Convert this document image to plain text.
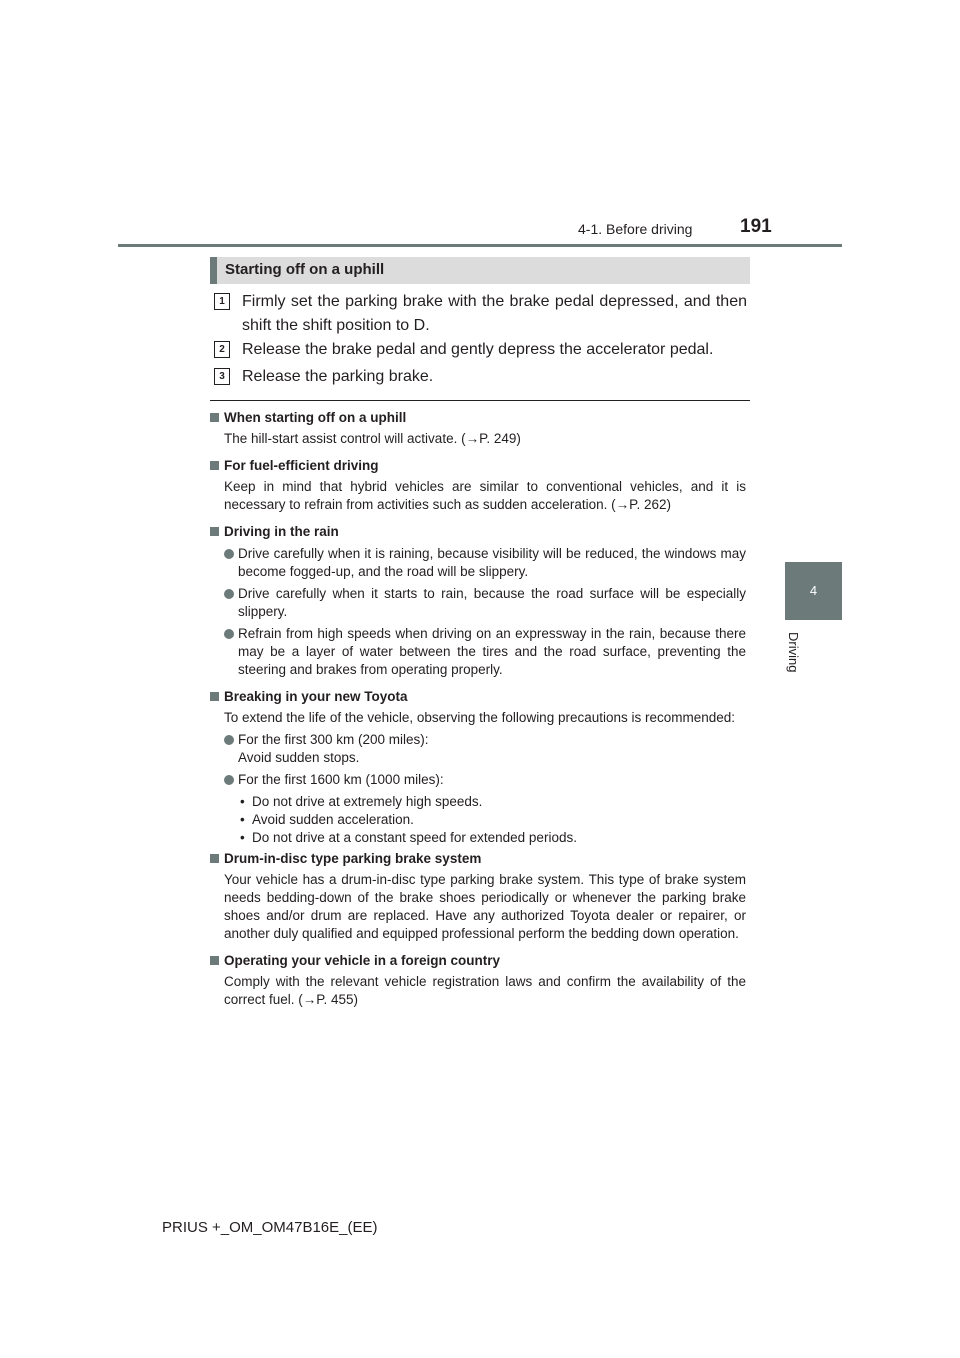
4-1. Before driving	191
4
Driving
Starting off on a uphill
1	Firmly set the parking brake with the brake pedal depressed, and then shift the shift position to D.
2	Release the brake pedal and gently depress the accelerator pedal.
3	Release the parking brake.
When starting off on a uphill
The hill-start assist control will activate. (→P. 249)
For fuel-efficient driving
Keep in mind that hybrid vehicles are similar to conventional vehicles, and it is necessary to refrain from activities such as sudden acceleration. (→P. 262)
Driving in the rain
Drive carefully when it is raining, because visibility will be reduced, the windows may become fogged-up, and the road will be slippery.
Drive carefully when it starts to rain, because the road surface will be especially slippery.
Refrain from high speeds when driving on an expressway in the rain, because there may be a layer of water between the tires and the road surface, preventing the steering and brakes from operating properly.
Breaking in your new Toyota
To extend the life of the vehicle, observing the following precautions is recommended:
For the first 300 km (200 miles):
Avoid sudden stops.
For the first 1600 km (1000 miles):
• Do not drive at extremely high speeds.
• Avoid sudden acceleration.
• Do not drive at a constant speed for extended periods.
Drum-in-disc type parking brake system
Your vehicle has a drum-in-disc type parking brake system. This type of brake system needs bedding-down of the brake shoes periodically or whenever the parking brake shoes and/or drum are replaced. Have any authorized Toyota dealer or repairer, or another duly qualified and equipped professional perform the bedding down operation.
Operating your vehicle in a foreign country
Comply with the relevant vehicle registration laws and confirm the availability of the correct fuel. (→P. 455)
PRIUS +_OM_OM47B16E_(EE)
